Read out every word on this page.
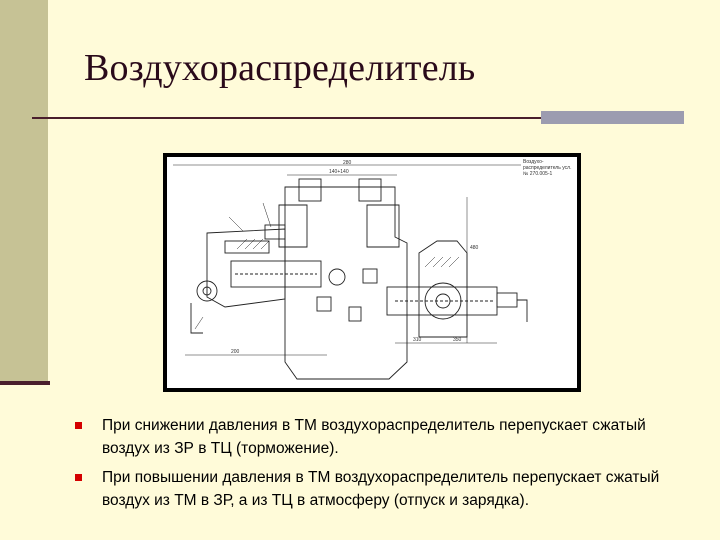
Воздухораспределитель
280
140+140
480
200
310	350
Воздухо- распределитель усл. № 270.005-1
При снижении давления в ТМ воздухораспределитель перепускает сжатый воздух из ЗР в ТЦ (торможение).
При повышении давления в ТМ воздухораспределитель перепускает сжатый воздух из ТМ в ЗР, а из ТЦ в атмосферу (отпуск и зарядка).
